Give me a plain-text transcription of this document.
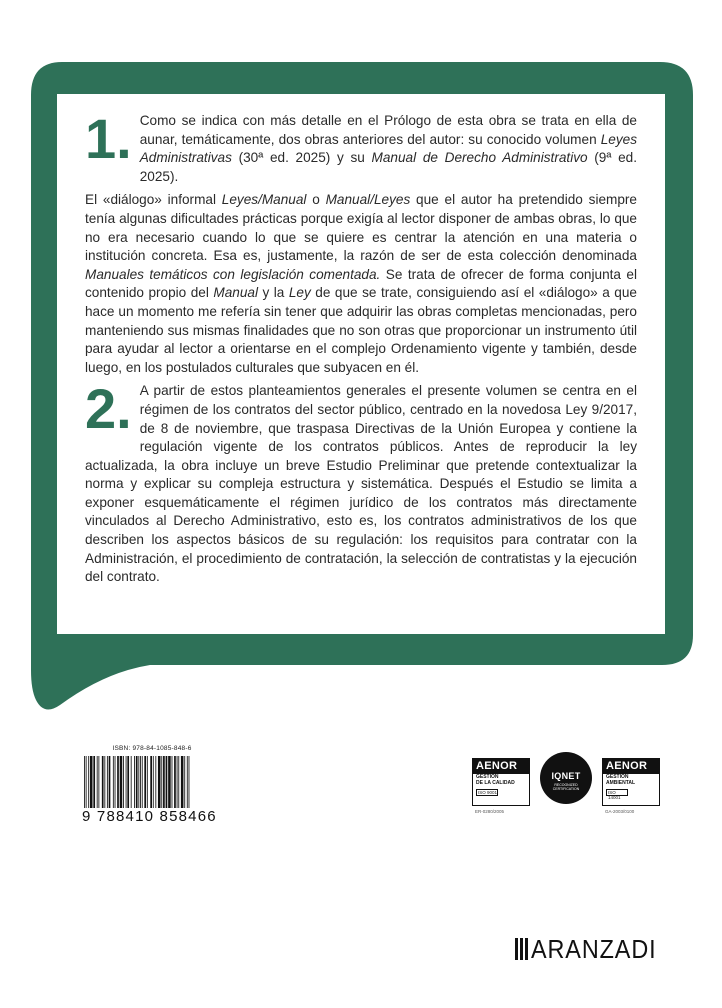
1. Como se indica con más detalle en el Prólogo de esta obra se trata en ella de aunar, temáticamente, dos obras anteriores del autor: su conocido volumen Leyes Administrativas (30ª ed. 2025) y su Manual de Derecho Administrativo (9ª ed. 2025).

El «diálogo» informal Leyes/Manual o Manual/Leyes que el autor ha pretendido siempre tenía algunas dificultades prácticas porque exigía al lector disponer de ambas obras, lo que no era necesario cuando lo que se quiere es centrar la atención en una materia o institución concreta. Esa es, justamente, la razón de ser de esta colección denominada Manuales temáticos con legislación comentada. Se trata de ofrecer de forma conjunta el contenido propio del Manual y la Ley de que se trate, consiguiendo así el «diálogo» a que hace un momento me refería sin tener que adquirir las obras completas mencionadas, pero manteniendo sus mismas finalidades que no son otras que proporcionar un instrumento útil para ayudar al lector a orientarse en el complejo Ordenamiento vigente y también, desde luego, en los postulados culturales que subyacen en él.

2. A partir de estos planteamientos generales el presente volumen se centra en el régimen de los contratos del sector público, centrado en la novedosa Ley 9/2017, de 8 de noviembre, que traspasa Directivas de la Unión Europea y contiene la regulación vigente de los contratos públicos. Antes de reproducir la ley actualizada, la obra incluye un breve Estudio Preliminar que pretende contextualizar la norma y explicar su compleja estructura y sistemática. Después el Estudio se limita a exponer esquemáticamente el régimen jurídico de los contratos más directamente vinculados al Derecho Administrativo, esto es, los contratos administrativos de los que describen los aspectos básicos de su regulación: los requisitos para contratar con la Administración, el procedimiento de contratación, la selección de contratistas y la ejecución del contrato.

ISBN: 978-84-1085-848-6
9 788410 858466
AENOR
GESTIÓN
DE LA CALIDAD
ISO 9001
ER-0280/2005
IQNET
RECOGNIZED
CERTIFICATION
AENOR
GESTIÓN
AMBIENTAL
ISO 14001
GA-2003/0100
ARANZADI
